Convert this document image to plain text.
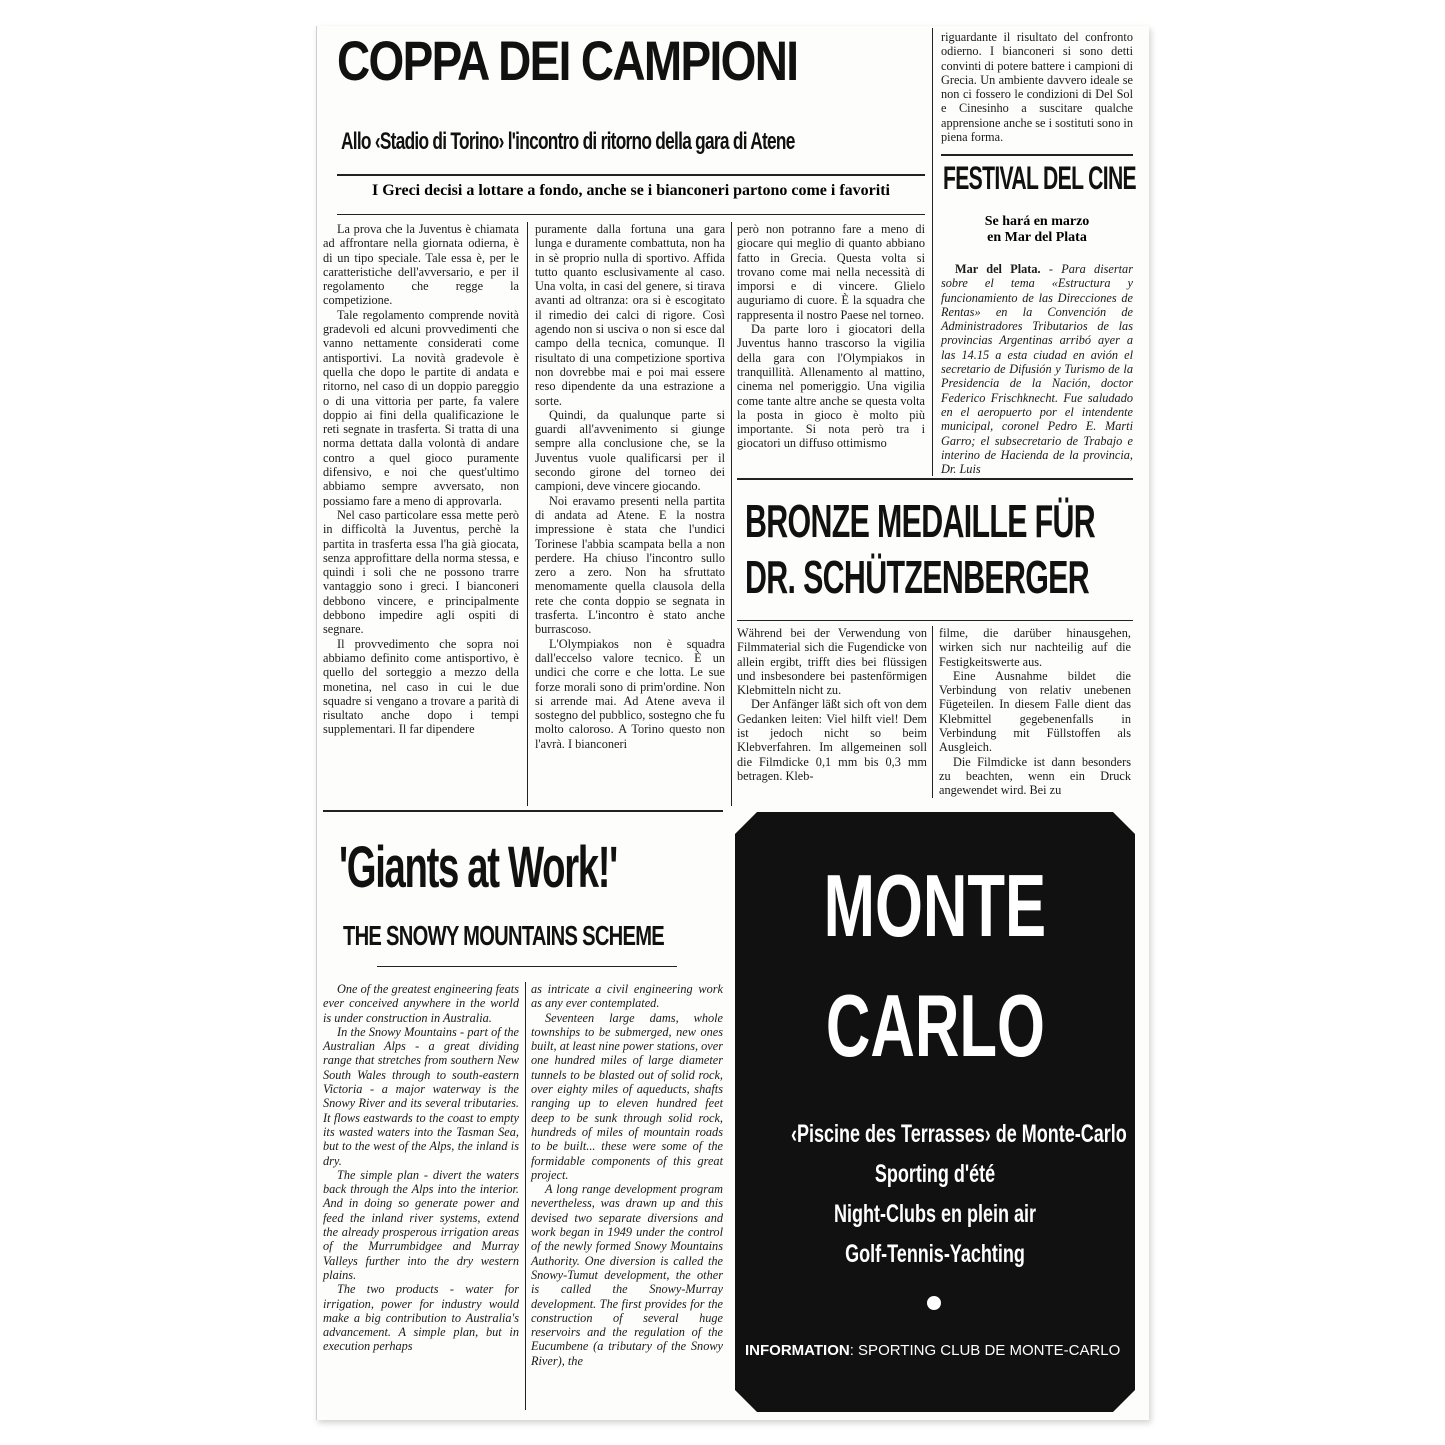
COPPA DEI CAMPIONI
Allo ‹Stadio di Torino› l'incontro di ritorno della gara di Atene
I Greci decisi a lottare a fondo, anche se i bianconeri partono come i favoriti

La prova che la Juventus è chiamata ad affrontare nella giornata odierna, è di un tipo speciale. Tale essa è, per le caratteristiche dell'avversario, e per il regolamento che regge la competizione.

Tale regolamento comprende novità gradevoli ed alcuni provvedimenti che vanno nettamente considerati come antisportivi. La novità gradevole è quella che dopo le partite di andata e ritorno, nel caso di un doppio pareggio o di una vittoria per parte, fa valere doppio ai fini della qualificazione le reti segnate in trasferta. Si tratta di una norma dettata dalla volontà di andare contro a quel gioco puramente difensivo, e noi che quest'ultimo abbiamo sempre avversato, non possiamo fare a meno di approvarla.

Nel caso particolare essa mette però in difficoltà la Juventus, perchè la partita in trasferta essa l'ha già giocata, senza approfittare della norma stessa, e quindi i soli che ne possono trarre vantaggio sono i greci. I bianconeri debbono vincere, e principalmente debbono impedire agli ospiti di segnare.

Il provvedimento che sopra noi abbiamo definito come antisportivo, è quello del sorteggio a mezzo della monetina, nel caso in cui le due squadre si vengano a trovare a parità di risultato anche dopo i tempi supplementari. Il far dipendere

puramente dalla fortuna una gara lunga e duramente combattuta, non ha in sè proprio nulla di sportivo. Affida tutto quanto esclusivamente al caso. Una volta, in casi del genere, si tirava avanti ad oltranza: ora si è escogitato il rimedio dei calci di rigore. Così agendo non si usciva o non si esce dal campo della tecnica, comunque. Il risultato di una competizione sportiva non dovrebbe mai e poi mai essere reso dipendente da una estrazione a sorte.

Quindi, da qualunque parte si guardi all'avvenimento si giunge sempre alla conclusione che, se la Juventus vuole qualificarsi per il secondo girone del torneo dei campioni, deve vincere giocando.

Noi eravamo presenti nella partita di andata ad Atene. E la nostra impressione è stata che l'undici Torinese l'abbia scampata bella a non perdere. Ha chiuso l'incontro sullo zero a zero. Non ha sfruttato menomamente quella clausola della rete che conta doppio se segnata in trasferta. L'incontro è stato anche burrascoso.

L'Olympiakos non è squadra dall'eccelso valore tecnico. È un undici che corre e che lotta. Le sue forze morali sono di prim'ordine. Non si arrende mai. Ad Atene aveva il sostegno del pubblico, sostegno che fu molto caloroso. A Torino questo non l'avrà. I bianconeri

però non potranno fare a meno di giocare qui meglio di quanto abbiano fatto in Grecia. Questa volta si trovano come mai nella necessità di imporsi e di vincere. Glielo auguriamo di cuore. È la squadra che rappresenta il nostro Paese nel torneo.

Da parte loro i giocatori della Juventus hanno trascorso la vigilia della gara con l'Olympiakos in tranquillità. Allenamento al mattino, cinema nel pomeriggio. Una vigilia come tante altre anche se questa volta la posta in gioco è molto più importante. Si nota però tra i giocatori un diffuso ottimismo

riguardante il risultato del confronto odierno. I bianconeri si sono detti convinti di potere battere i campioni di Grecia. Un ambiente davvero ideale se non ci fossero le condizioni di Del Sol e Cinesinho a suscitare qualche apprensione anche se i sostituti sono in piena forma.

FESTIVAL DEL CINE
Se hará en marzo
en Mar del Plata

Mar del Plata. - Para disertar sobre el tema «Estructura y funcionamiento de las Direcciones de Rentas» en la Convención de Administradores Tributarios de las provincias Argentinas arribó ayer a las 14.15 a esta ciudad en avión el secretario de Difusión y Turismo de la Presidencia de la Nación, doctor Federico Frischknecht. Fue saludado en el aeropuerto por el intendente municipal, coronel Pedro E. Marti Garro; el subsecretario de Trabajo e interino de Hacienda de la provincia, Dr. Luis

BRONZE MEDAILLE FÜR
DR. SCHÜTZENBERGER

Während bei der Verwendung von Filmmaterial sich die Fugendicke von allein ergibt, trifft dies bei flüssigen und insbesondere bei pastenförmigen Klebmitteln nicht zu.

Der Anfänger läßt sich oft von dem Gedanken leiten: Viel hilft viel! Dem ist jedoch nicht so beim Klebverfahren. Im allgemeinen soll die Filmdicke 0,1 mm bis 0,3 mm betragen. Kleb-

filme, die darüber hinausgehen, wirken sich nur nachteilig auf die Festigkeitswerte aus.

Eine Ausnahme bildet die Verbindung von relativ unebenen Fügeteilen. In diesem Falle dient das Klebmittel gegebenenfalls in Verbindung mit Füllstoffen als Ausgleich.

Die Filmdicke ist dann besonders zu beachten, wenn ein Druck angewendet wird. Bei zu

'Giants at Work!'
THE SNOWY MOUNTAINS SCHEME

One of the greatest engineering feats ever conceived anywhere in the world is under construction in Australia.

In the Snowy Mountains - part of the Australian Alps - a great dividing range that stretches from southern New South Wales through to south-eastern Victoria - a major waterway is the Snowy River and its several tributaries. It flows eastwards to the coast to empty its wasted waters into the Tasman Sea, but to the west of the Alps, the inland is dry.

The simple plan - divert the waters back through the Alps into the interior. And in doing so generate power and feed the inland river systems, extend the already prosperous irrigation areas of the Murrumbidgee and Murray Valleys further into the dry western plains.

The two products - water for irrigation, power for industry would make a big contribution to Australia's advancement. A simple plan, but in execution perhaps

as intricate a civil engineering work as any ever contemplated.

Seventeen large dams, whole townships to be submerged, new ones built, at least nine power stations, over one hundred miles of large diameter tunnels to be blasted out of solid rock, over eighty miles of aqueducts, shafts ranging up to eleven hundred feet deep to be sunk through solid rock, hundreds of miles of mountain roads to be built... these were some of the formidable components of this great project.

A long range development program nevertheless, was drawn up and this devised two separate diversions and work began in 1949 under the control of the newly formed Snowy Mountains Authority. One diversion is called the Snowy-Tumut development, the other is called the Snowy-Murray development. The first provides for the construction of several huge reservoirs and the regulation of the Eucumbene (a tributary of the Snowy River), the

MONTE
CARLO
‹Piscine des Terrasses› de Monte-Carlo
Sporting d'été
Night-Clubs en plein air
Golf-Tennis-Yachting
INFORMATION: SPORTING CLUB DE MONTE-CARLO
